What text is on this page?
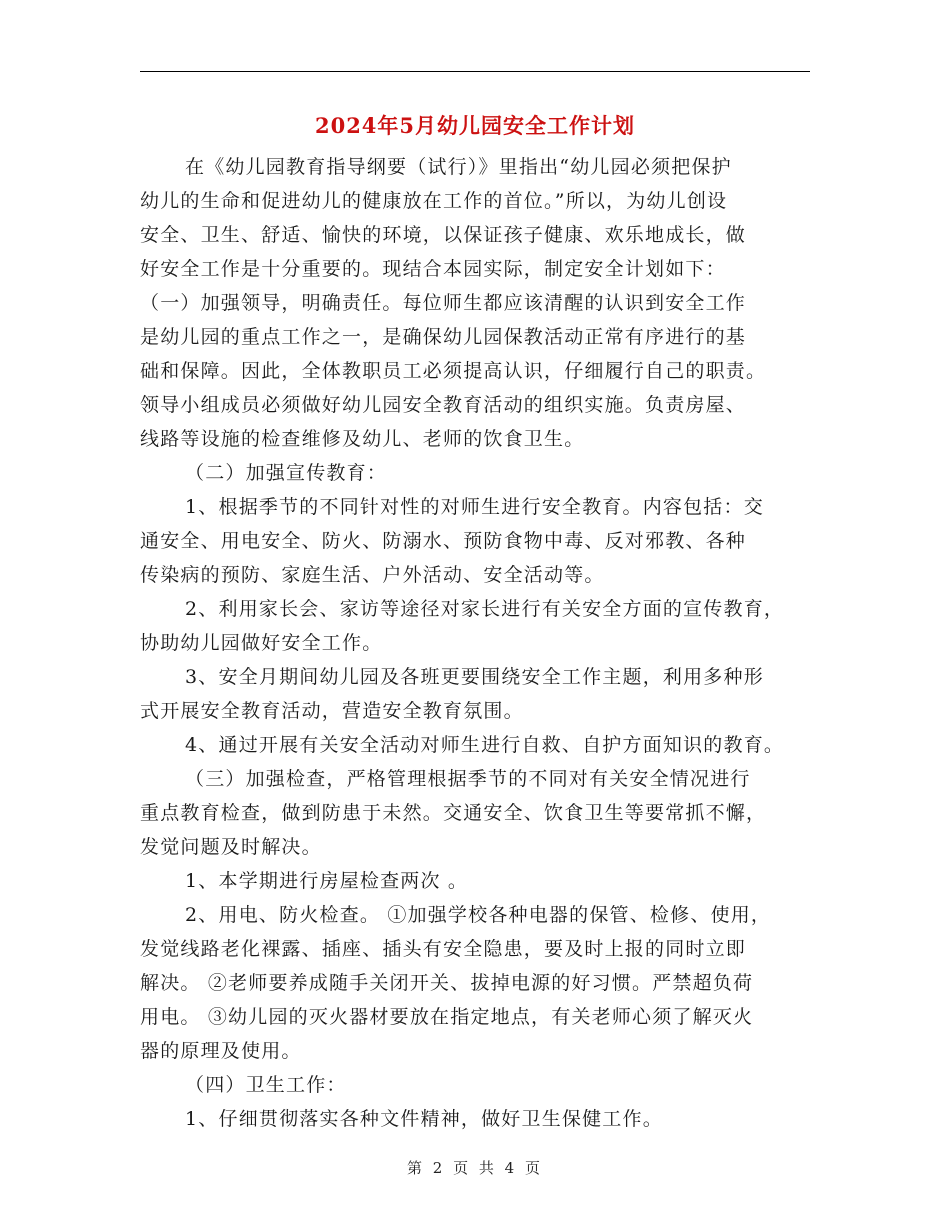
2024年5月幼儿园安全工作计划
在《幼儿园教育指导纲要（试行）》里指出“幼儿园必须把保护
幼儿的生命和促进幼儿的健康放在工作的首位。”所以，为幼儿创设
安全、卫生、舒适、愉快的环境，以保证孩子健康、欢乐地成长，做
好安全工作是十分重要的。现结合本园实际，制定安全计划如下：
（一）加强领导，明确责任。每位师生都应该清醒的认识到安全工作
是幼儿园的重点工作之一，是确保幼儿园保教活动正常有序进行的基
础和保障。因此，全体教职员工必须提高认识，仔细履行自己的职责。
领导小组成员必须做好幼儿园安全教育活动的组织实施。负责房屋、
线路等设施的检查维修及幼儿、老师的饮食卫生。
（二）加强宣传教育：
1、根据季节的不同针对性的对师生进行安全教育。内容包括：交
通安全、用电安全、防火、防溺水、预防食物中毒、反对邪教、各种
传染病的预防、家庭生活、户外活动、安全活动等。
2、利用家长会、家访等途径对家长进行有关安全方面的宣传教育，
协助幼儿园做好安全工作。
3、安全月期间幼儿园及各班更要围绕安全工作主题，利用多种形
式开展安全教育活动，营造安全教育氛围。
4、通过开展有关安全活动对师生进行自救、自护方面知识的教育。
（三）加强检查，严格管理根据季节的不同对有关安全情况进行
重点教育检查，做到防患于未然。交通安全、饮食卫生等要常抓不懈，
发觉问题及时解决。
1、本学期进行房屋检查两次 。
2、用电、防火检查。 ①加强学校各种电器的保管、检修、使用，
发觉线路老化裸露、插座、插头有安全隐患，要及时上报的同时立即
解决。 ②老师要养成随手关闭开关、拔掉电源的好习惯。严禁超负荷
用电。 ③幼儿园的灭火器材要放在指定地点，有关老师心须了解灭火
器的原理及使用。
（四）卫生工作：
1、仔细贯彻落实各种文件精神，做好卫生保健工作。
第 2 页 共 4 页
